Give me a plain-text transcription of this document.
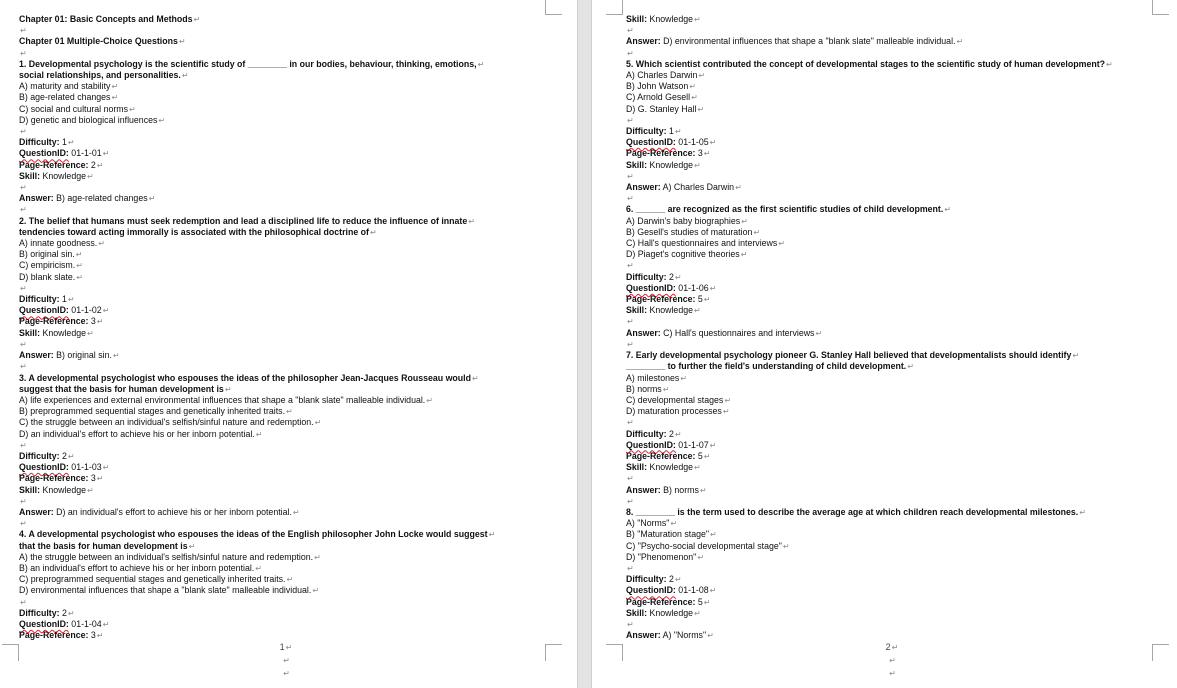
Chapter 01: Basic Concepts and Methods↵
↵
Chapter 01 Multiple-Choice Questions↵
↵
1. Developmental psychology is the scientific study of ________ in our bodies, behaviour, thinking, emotions,↵
social relationships, and personalities.↵
A) maturity and stability↵
B) age-related changes↵
C) social and cultural norms↵
D) genetic and biological influences↵
↵
Difficulty: 1↵
QuestionID: 01-1-01↵
Page-Reference: 2↵
Skill: Knowledge↵
↵
Answer: B) age-related changes↵
↵
2. The belief that humans must seek redemption and lead a disciplined life to reduce the influence of innate↵
tendencies toward acting immorally is associated with the philosophical doctrine of↵
A) innate goodness.↵
B) original sin.↵
C) empiricism.↵
D) blank slate.↵
↵
Difficulty: 1↵
QuestionID: 01-1-02↵
Page-Reference: 3↵
Skill: Knowledge↵
↵
Answer: B) original sin.↵
↵
3. A developmental psychologist who espouses the ideas of the philosopher Jean-Jacques Rousseau would↵
suggest that the basis for human development is↵
A) life experiences and external environmental influences that shape a "blank slate" malleable individual.↵
B) preprogrammed sequential stages and genetically inherited traits.↵
C) the struggle between an individual's selfish/sinful nature and redemption.↵
D) an individual's effort to achieve his or her inborn potential.↵
↵
Difficulty: 2↵
QuestionID: 01-1-03↵
Page-Reference: 3↵
Skill: Knowledge↵
↵
Answer: D) an individual's effort to achieve his or her inborn potential.↵
↵
4. A developmental psychologist who espouses the ideas of the English philosopher John Locke would suggest↵
that the basis for human development is↵
A) the struggle between an individual's selfish/sinful nature and redemption.↵
B) an individual's effort to achieve his or her inborn potential.↵
C) preprogrammed sequential stages and genetically inherited traits.↵
D) environmental influences that shape a "blank slate" malleable individual.↵
↵
Difficulty: 2↵
QuestionID: 01-1-04↵
Page-Reference: 3↵
1↵
↵
↵
Skill: Knowledge↵
↵
Answer: D) environmental influences that shape a "blank slate" malleable individual.↵
↵
5. Which scientist contributed the concept of developmental stages to the scientific study of human development?↵
A) Charles Darwin↵
B) John Watson↵
C) Arnold Gesell↵
D) G. Stanley Hall↵
↵
Difficulty: 1↵
QuestionID: 01-1-05↵
Page-Reference: 3↵
Skill: Knowledge↵
↵
Answer: A) Charles Darwin↵
↵
6. ______ are recognized as the first scientific studies of child development.↵
A) Darwin's baby biographies↵
B) Gesell's studies of maturation↵
C) Hall's questionnaires and interviews↵
D) Piaget's cognitive theories↵
↵
Difficulty: 2↵
QuestionID: 01-1-06↵
Page-Reference: 5↵
Skill: Knowledge↵
↵
Answer: C) Hall's questionnaires and interviews↵
↵
7. Early developmental psychology pioneer G. Stanley Hall believed that developmentalists should identify↵
________ to further the field's understanding of child development.↵
A) milestones↵
B) norms↵
C) developmental stages↵
D) maturation processes↵
↵
Difficulty: 2↵
QuestionID: 01-1-07↵
Page-Reference: 5↵
Skill: Knowledge↵
↵
Answer: B) norms↵
↵
8. ________ is the term used to describe the average age at which children reach developmental milestones.↵
A) "Norms"↵
B) "Maturation stage"↵
C) "Psycho-social developmental stage"↵
D) "Phenomenon"↵
↵
Difficulty: 2↵
QuestionID: 01-1-08↵
Page-Reference: 5↵
Skill: Knowledge↵
↵
Answer: A) "Norms"↵
2↵
↵
↵
